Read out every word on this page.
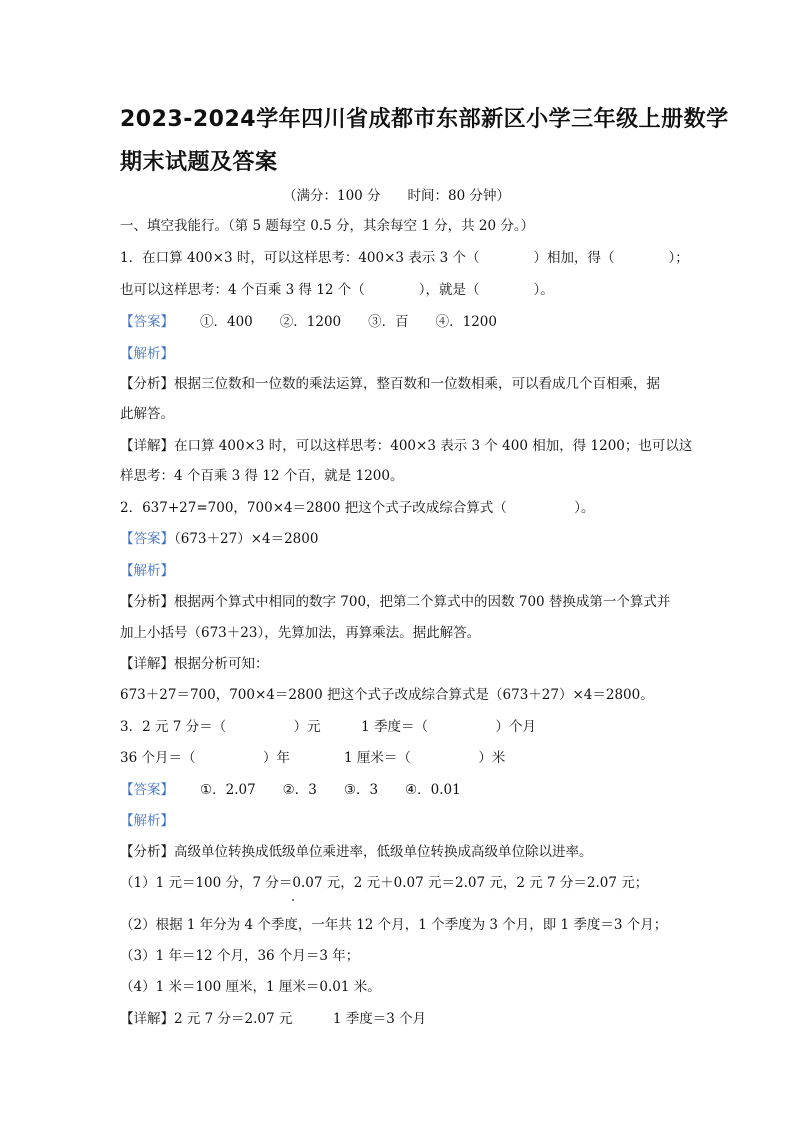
2023-2024学年四川省成都市东部新区小学三年级上册数学
期末试题及答案
（满分：100 分　　时间：80 分钟）
一、填空我能行。（第 5 题每空 0.5 分，其余每空 1 分，共 20 分。）
1．在口算 400×3 时，可以这样思考：400×3 表示 3 个（　　　　）相加，得（　　　　）；
也可以这样思考：4 个百乘 3 得 12 个（　　　　），就是（　　　　）。
【答案】 ①．400　　②．1200　　③．百　　④．1200
【解析】
【分析】根据三位数和一位数的乘法运算，整百数和一位数相乘，可以看成几个百相乘，据
此解答。
【详解】在口算 400×3 时，可以这样思考：400×3 表示 3 个 400 相加，得 1200；也可以这
样思考：4 个百乘 3 得 12 个百，就是 1200。
2．637+27=700，700×4＝2800 把这个式子改成综合算式（　　　　　）。
【答案】（673＋27）×4＝2800
【解析】
【分析】根据两个算式中相同的数字 700，把第二个算式中的因数 700 替换成第一个算式并
加上小括号（673＋23），先算加法，再算乘法。据此解答。
【详解】根据分析可知：
673＋27＝700，700×4＝2800 把这个式子改成综合算式是（673＋27）×4＝2800。
3．2 元 7 分＝（　　　　　）元　　　1 季度＝（　　　　　）个月
36 个月＝（　　　　　）年　　　　1 厘米＝（　　　　　）米
【答案】 ①．2.07　　②．3　　③．3　　④．0.01
【解析】
【分析】高级单位转换成低级单位乘进率，低级单位转换成高级单位除以进率。
（1）1 元＝100 分，7 分＝0.07 元，2 元＋0.07 元＝2.07 元，2 元 7 分＝2.07 元；
（2）根据 1 年分为 4 个季度，一年共 12 个月，1 个季度为 3 个月，即 1 季度＝3 个月；
（3）1 年＝12 个月，36 个月＝3 年；
（4）1 米＝100 厘米，1 厘米＝0.01 米。
【详解】2 元 7 分＝2.07 元　　　1 季度＝3 个月
